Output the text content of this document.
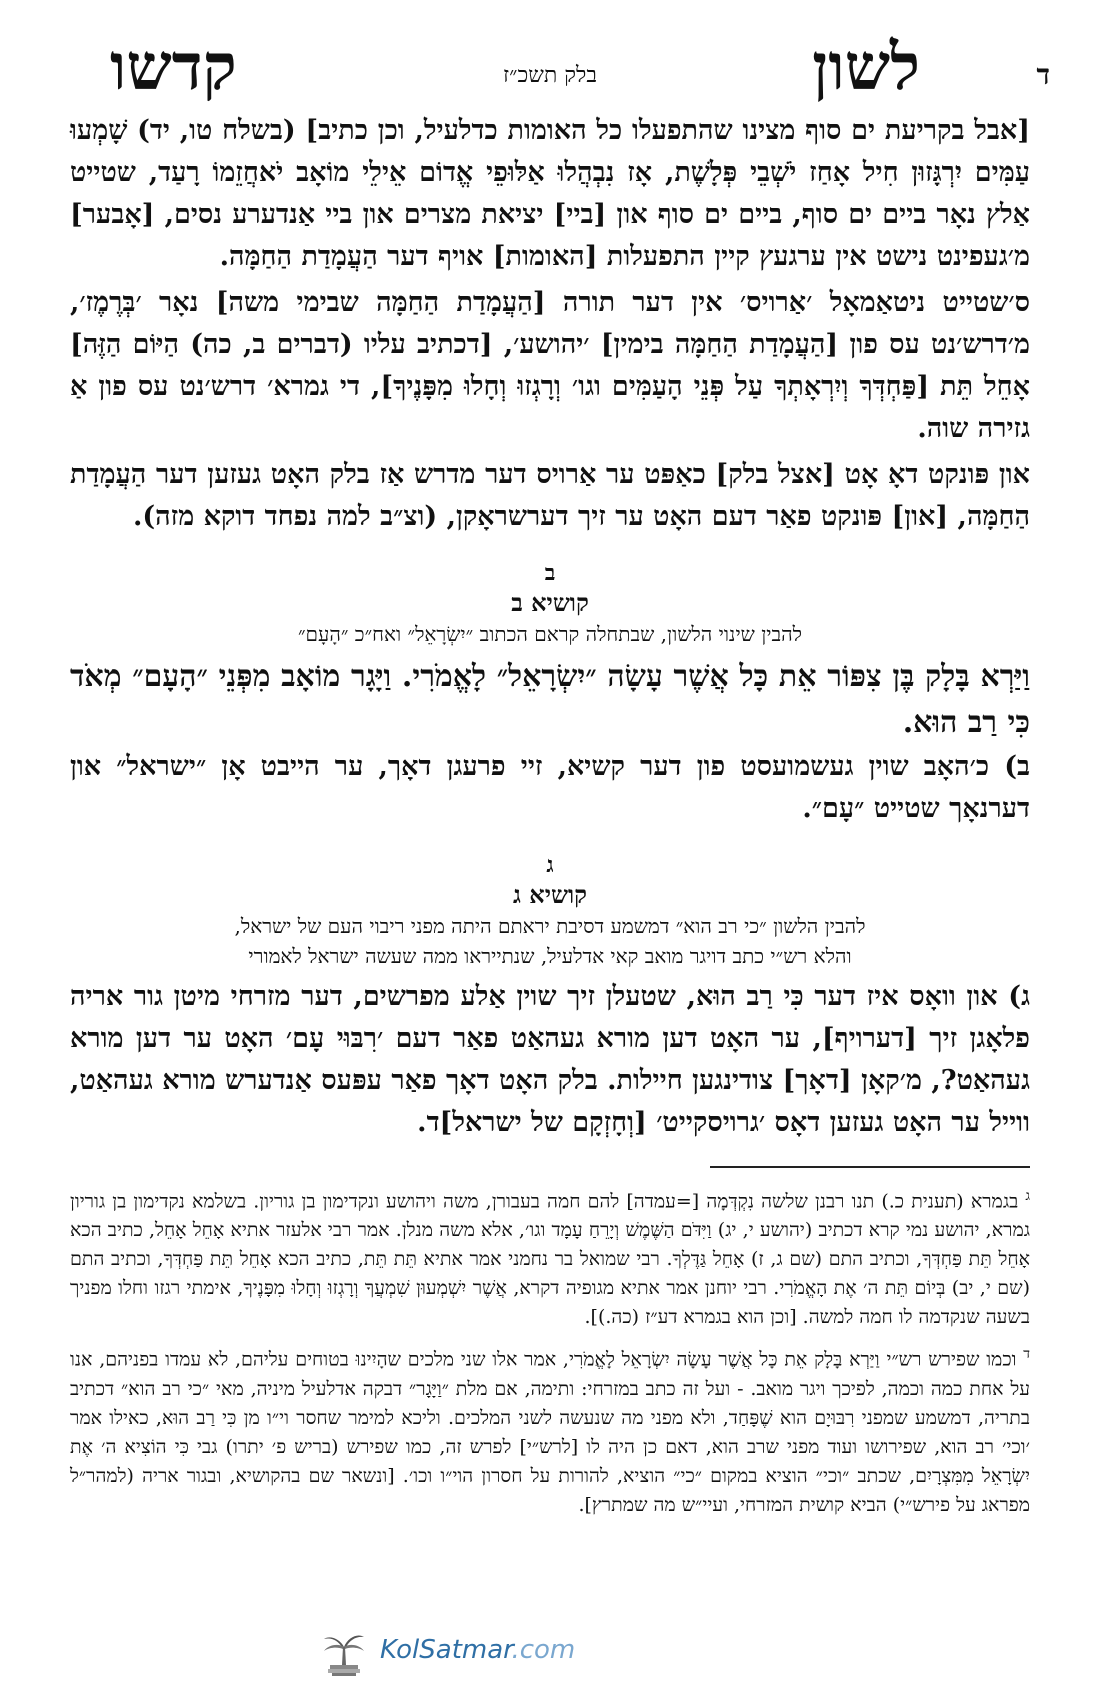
ד
לשון
בלק תשכ״ז
קדשו

[אבל בקריעת ים סוף מצינו שהתפעלו כל האומות כדלעיל, וכן כתיב] (בשלח טו, יד) שָׁמְעוּ עַמִּים יִרְגָּזוּן חִיל אָחַז יֹשְׁבֵי פְּלָשֶׁת, אָז נִבְהֲלוּ אַלּוּפֵי אֱדוֹם אֵילֵי מוֹאָב יֹאחֲזֵמוֹ רָעַד, שטייט אַלץ נאָר ביים ים סוף, ביים ים סוף און [ביי] יציאת מצרים און ביי אַנדערע נסים, [אָבער] מ׳געפינט נישט אין ערגעץ קיין התפעלות [האומות] אויף דער הַעֲמָדַת הַחַמָּה.

ס׳שטייט ניטאַמאָל ׳אַרויס׳ אין דער תורה [הַעֲמָדַת הַחַמָּה שבימי משה] נאָר ׳בְּרֶמֶז׳, מ׳דרש׳נט עס פון [הַעֲמָדַת הַחַמָּה בימין] ׳יהושע׳, [דכתיב עליו (דברים ב, כה) הַיּוֹם הַזֶּה] אָחֵל תֵּת [פַּחְדְּךָ וְיִרְאָתְךָ עַל פְּנֵי הָעַמִּים וגו׳ וְרָגְזוּ וְחָלוּ מִפָּנֶיךָ], די גמרא׳ דרש׳נט עס פון אַ גזירה שוה.

און פּונקט דאָ אָט [אצל בלק] כאַפּט ער אַרויס דער מדרש אַז בלק האָט געזען דער הַעֲמָדַת הַחַמָּה, [און] פּונקט פאַר דעם האָט ער זיך דערשראָקן, (וצ״ב למה נפחד דוקא מזה).

ב
קושיא ב
להבין שינוי הלשון, שבתחלה קראם הכתוב ״יִשְׂרָאֵל״ ואח״כ ״הָעָם״
וַיַּרְא בָּלָק בֶּן צִפּוֹר אֵת כָּל אֲשֶׁר עָשָׂה ״יִשְׂרָאֵל״ לָאֱמֹרִי. וַיָּגָר מוֹאָב מִפְּנֵי ״הָעָם״ מְאֹד כִּי רַב הוּא.

ב) כ׳האָב שוין געשמועסט פון דער קשיא, זיי פרעגן דאָך, ער הייבט אָן ״ישראל״ און דערנאָך שטייט ״עָם״.

ג
קושיא ג
להבין הלשון ״כי רב הוא״ דמשמע דסיבת יראתם היתה מפני ריבוי העם של ישראל,
והלא רש״י כתב דויגר מואב קאי אדלעיל, שנתייראו ממה שעשה ישראל לאמורי

ג) און וואָס איז דער כִּי רַב הוּא, שטעלן זיך שוין אַלע מפרשים, דער מזרחי מיטן גור אריה פלאָגן זיך [דערויף], ער האָט דען מורא געהאַט פאַר דעם ׳רִבּוּי עָם׳ האָט ער דען מורא געהאַט?, מ׳קאָן [דאָך] צודינגען חיילות. בלק האָט דאָך פאַר עפּעס אַנדערש מורא געהאַט, ווייל ער האָט געזען דאָס ׳גרויסקייט׳ [וְחָזְקָם של ישראל]ד.

$^ג$ בגמרא (תענית כ.) תנו רבנן שלשה נִקְדְּמָה [=עמדה] להם חמה בעבורן, משה ויהושע ונקדימון בן גוריון. בשלמא נקדימון בן גוריון גמרא, יהושע נמי קרא דכתיב (יהושע י, יג) וַיִּדֹּם הַשֶּׁמֶשׁ וְיָרֵחַ עָמָד וגו׳, אלא משה מנלן. אמר רבי אלעזר אתיא אָחֵל אָחֵל, כתיב הכא אָחֵל תֵּת פַּחְדְּךָ, וכתיב התם (שם ג, ז) אָחֵל גַּדֶּלְךָ. רבי שמואל בר נחמני אמר אתיא תֵּת תֵּת, כתיב הכא אָחֵל תֵּת פַּחְדְּךָ, וכתיב התם (שם י, יב) בְּיוֹם תֵּת ה׳ אֶת הָאֱמֹרִי. רבי יוחנן אמר אתיא מגופיה דקרא, אֲשֶׁר יִשְׁמְעוּן שִׁמְעֲךָ וְרָגְזוּ וְחָלוּ מִפָּנֶיךָ, אימתי רגזו וחלו מפניך בשעה שנקדמה לו חמה למשה. [וכן הוא בגמרא דע״ז (כה.)].
$^ד$ וכמו שפירש רש״י וַיַּרְא בָּלָק אֵת כָּל אֲשֶׁר עָשָׂה יִשְׂרָאֵל לָאֱמֹרִי, אמר אלו שני מלכים שהָיִינוּ בטוחים עליהם, לא עמדו בפניהם, אנו על אחת כמה וכמה, לפיכך ויגר מואב. - ועל זה כתב במזרחי: ותימה, אם מלת ״וַיָּגָר״ דבקה אדלעיל מיניה, מאי ״כי רב הוא״ דכתיב בתריה, דמשמע שמפני רִבּוּיָם הוא שֶׁפָּחַד, ולא מפני מה שנעשה לשני המלכים. וליכא למימר שחסר וי״ו מן כִּי רַב הוּא, כאילו אמר ׳וכי׳ רב הוא, שפירושו ועוד מפני שרב הוא, דאם כן היה לו [לרש״י] לפרש זה, כמו שפירש (בריש פ׳ יתרו) גבי כִּי הוֹצִיא ה׳ אֶת יִשְׂרָאֵל מִמִּצְרָיִם, שכתב ״וכי״ הוציא במקום ״כי״ הוציא, להורות על חסרון הוי״ו וכו׳. [ונשאר שם בהקושיא, ובגור אריה (למהר״ל מפראג על פירש״י) הביא קושית המזרחי, ועיי״ש מה שמתרץ].
KolSatmar.com
